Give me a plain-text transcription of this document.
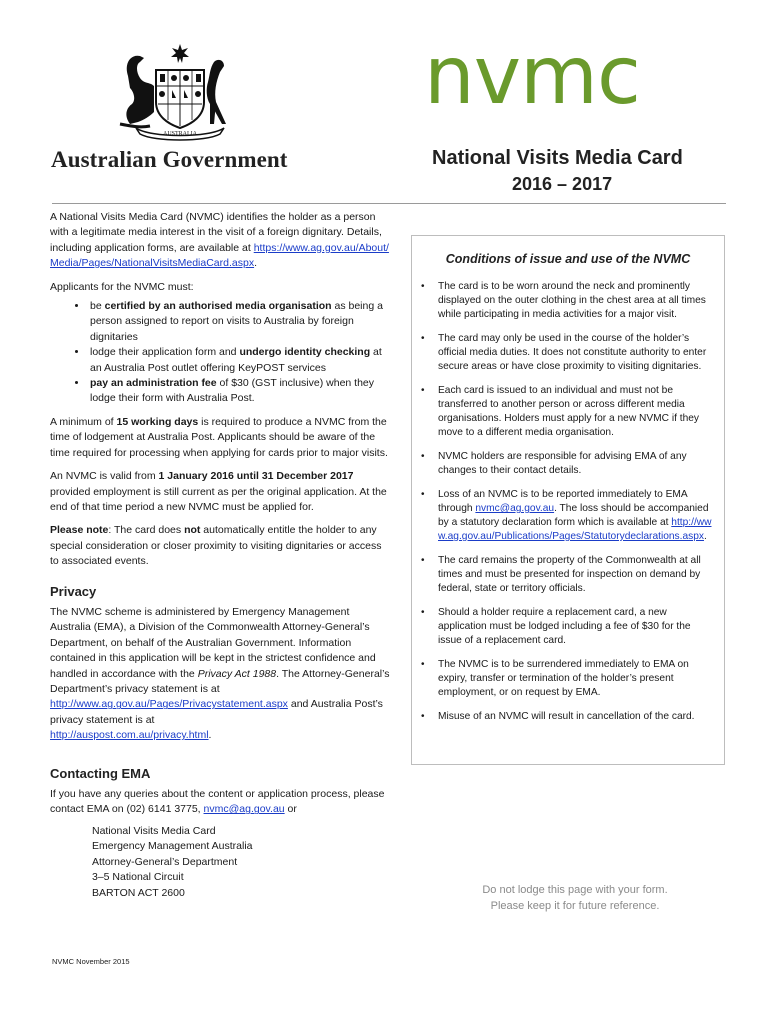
AUSTRALIA
Australian Government
nvmc
National Visits Media Card
2016 – 2017

A National Visits Media Card (NVMC) identifies the holder as a person with a legitimate media interest in the visit of a foreign dignitary. Details, including application forms, are available at https://www.ag.gov.au/About/Media/Pages/NationalVisitsMediaCard.aspx.

Applicants for the NVMC must:

• be certified by an authorised media organisation as being a person assigned to report on visits to Australia by foreign dignitaries
• lodge their application form and undergo identity checking at an Australia Post outlet offering KeyPOST services
• pay an administration fee of $30 (GST inclusive) when they lodge their form with Australia Post.

A minimum of 15 working days is required to produce a NVMC from the time of lodgement at Australia Post. Applicants should be aware of the time required for processing when applying for cards prior to major visits.

An NVMC is valid from 1 January 2016 until 31 December 2017 provided employment is still current as per the original application. At the end of that time period a new NVMC must be applied for.

Please note: The card does not automatically entitle the holder to any special consideration or closer proximity to visiting dignitaries or access to associated events.

Privacy

The NVMC scheme is administered by Emergency Management Australia (EMA), a Division of the Commonwealth Attorney-General’s Department, on behalf of the Australian Government. Information contained in this application will be kept in the strictest confidence and handled in accordance with the Privacy Act 1988. The Attorney-General’s Department’s privacy statement is at
http://www.ag.gov.au/Pages/Privacystatement.aspx and Australia Post’s privacy statement is at
http://auspost.com.au/privacy.html.

Contacting EMA

If you have any queries about the content or application process, please contact EMA on (02) 6141 3775, nvmc@ag.gov.au or

National Visits Media Card
Emergency Management Australia
Attorney-General’s Department
3–5 National Circuit
BARTON ACT 2600
Conditions of issue and use of the NVMC
• The card is to be worn around the neck and prominently displayed on the outer clothing in the chest area at all times while participating in media activities for a major visit.
• The card may only be used in the course of the holder’s official media duties. It does not constitute authority to enter secure areas or have close proximity to visiting dignitaries.
• Each card is issued to an individual and must not be transferred to another person or across different media organisations. Holders must apply for a new NVMC if they move to a different media organisation.
• NVMC holders are responsible for advising EMA of any changes to their contact details.
• Loss of an NVMC is to be reported immediately to EMA through nvmc@ag.gov.au. The loss should be accompanied by a statutory declaration form which is available at http://www.ag.gov.au/Publications/Pages/Statutorydeclarations.aspx.
• The card remains the property of the Commonwealth at all times and must be presented for inspection on demand by federal, state or territory officials.
• Should a holder require a replacement card, a new application must be lodged including a fee of $30 for the issue of a replacement card.
• The NVMC is to be surrendered immediately to EMA on expiry, transfer or termination of the holder’s present employment, or on request by EMA.
• Misuse of an NVMC will result in cancellation of the card.
Do not lodge this page with your form.
Please keep it for future reference.
NVMC November 2015
